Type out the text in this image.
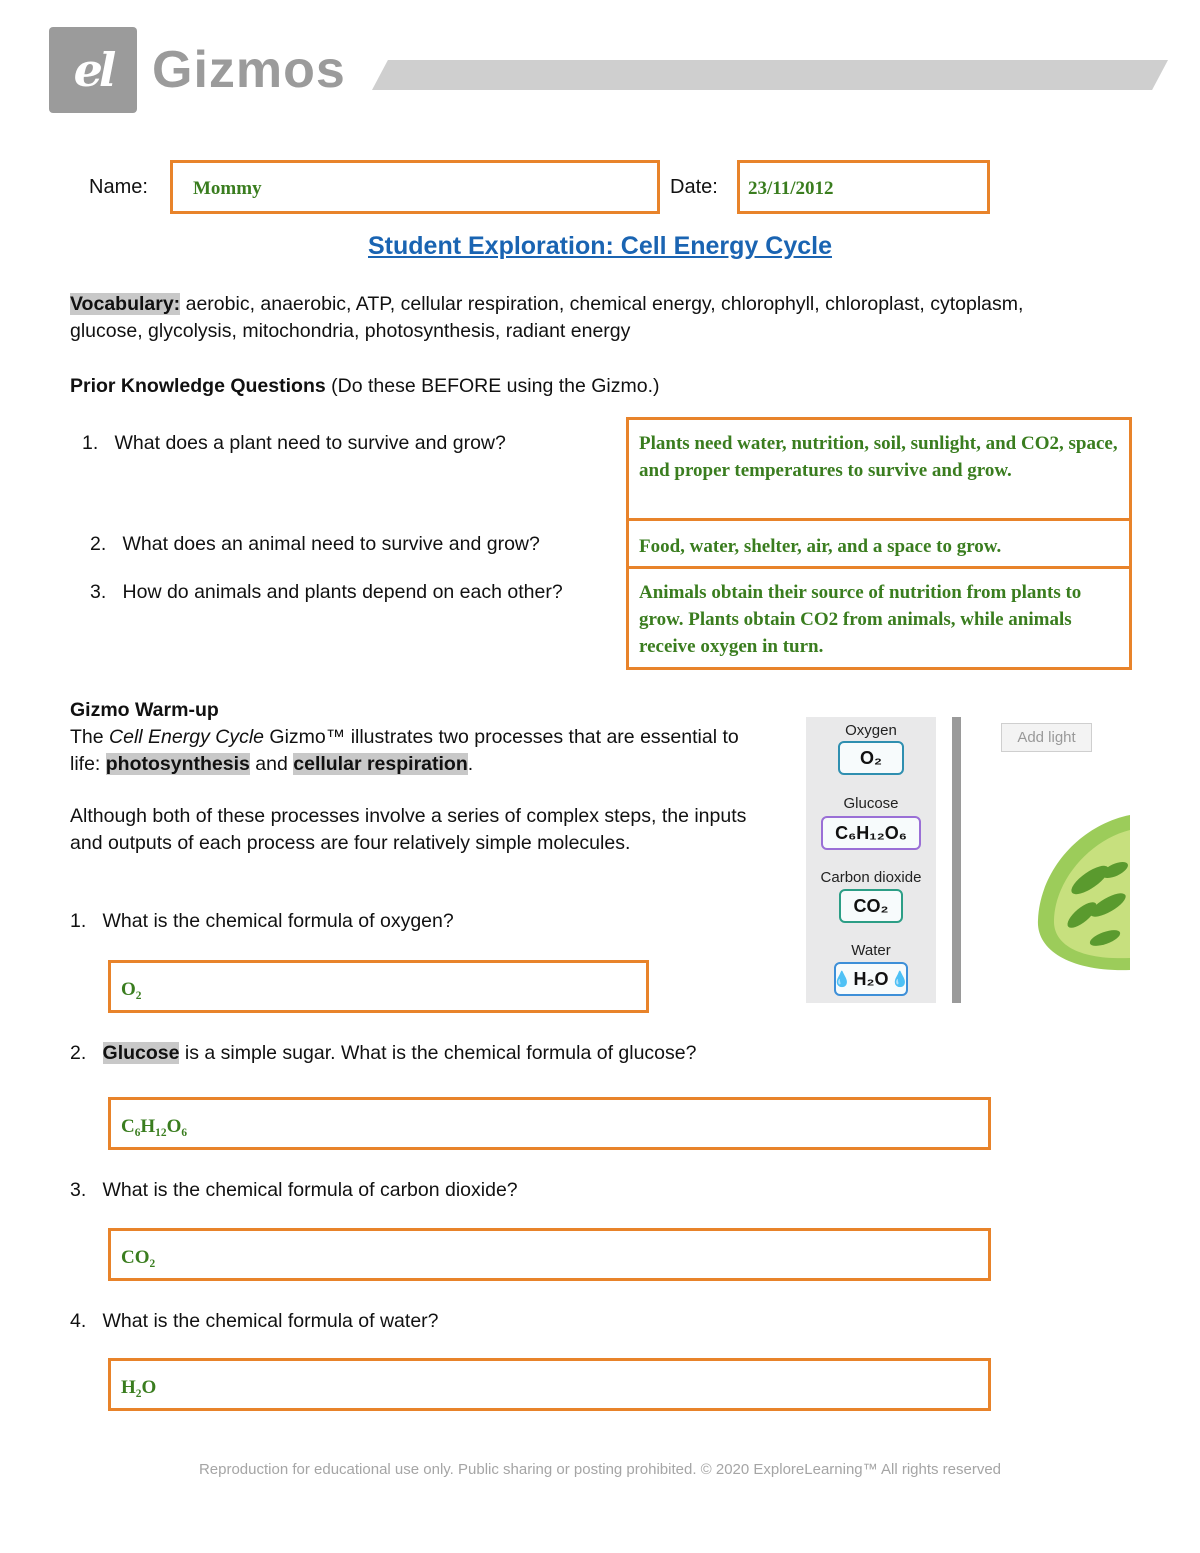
el Gizmos
Name: Mommy	Date: 23/11/2012
Student Exploration: Cell Energy Cycle
Vocabulary: aerobic, anaerobic, ATP, cellular respiration, chemical energy, chlorophyll, chloroplast, cytoplasm,
glucose, glycolysis, mitochondria, photosynthesis, radiant energy
Prior Knowledge Questions (Do these BEFORE using the Gizmo.)
1. What does a plant need to survive and grow?
2. What does an animal need to survive and grow?
3. How do animals and plants depend on each other?
Plants need water, nutrition, soil, sunlight, and CO2, space, and proper temperatures to survive and grow.
Food, water, shelter, air, and a space to grow.
Animals obtain their source of nutrition from plants to grow. Plants obtain CO2 from animals, while animals receive oxygen in turn.
Gizmo Warm-up
The Cell Energy Cycle Gizmo™ illustrates two processes that are essential to life: photosynthesis and cellular respiration.
Although both of these processes involve a series of complex steps, the inputs and outputs of each process are four relatively simple molecules.
1. What is the chemical formula of oxygen?
O₂
2. Glucose is a simple sugar. What is the chemical formula of glucose?
C₆H₁₂O₆
3. What is the chemical formula of carbon dioxide?
CO₂
4. What is the chemical formula of water?
H₂O
Oxygen
O₂
Glucose
C₆H₁₂O₆
Carbon dioxide
CO₂
Water
💧 H₂O 💧
Add light
Reproduction for educational use only. Public sharing or posting prohibited. © 2020 ExploreLearning™ All rights reserved
